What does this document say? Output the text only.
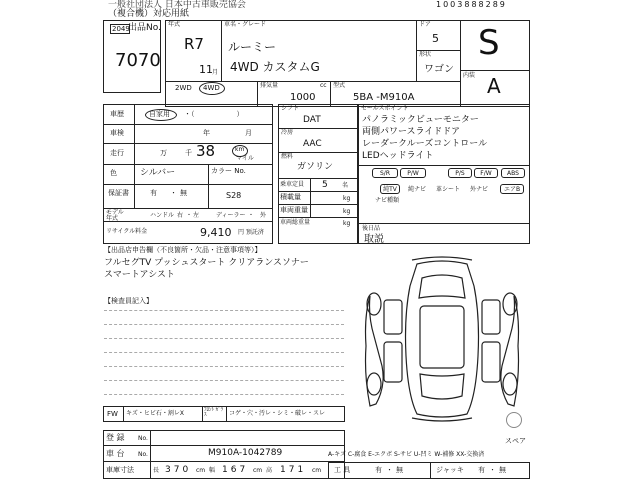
一般社団法人 日本中古車販売協会
（複合機）対応用紙
1003888289
出品No.
2049
7070
年式
R7
11 月
車名・グレード
ルーミー
4WD カスタムG
ドア
5
形状
ワゴン
2WD 4WD	排気量
1000
cc 型式
5BA -M910A
S
内装 A
車歴	自家用 ・（　　　　　　）
車検	年	月
走行	万	千 38	km
マイル
色	シルバー	カラー No.
保証書	有 ・ 無	S28
モデル年式	ハンドル 右 ・ 左	ディーラー ・　外
リサイクル料金	9,410 円 預託済
シフト
DAT
冷房
AAC
燃料
ガソリン
乗車定員 5 名
積載量	kg
車両重量	kg
車両総重量	kg
セールスポイント
パノラミックビューモニター
両側パワースライドドア
レーダークルーズコントロール
LEDヘッドライト
S/R	P/W	P/S	F/W	ABS
純TV	純ナビ	革シート	外ナビ	エアB
ナビ種類
後日品
取説
【出品店申告欄（不良箇所・欠品・注意事項等）】
フルセグTV プッシュスタート クリアランスソナー
スマートアシスト
【検査員記入】
スペア
FW キズ・ヒビ石・割レX	ﾌﾛﾝﾄ ｶﾞﾗｽ	コゲ・穴・汚レ・シミ・破レ・スレ
登 録 No.
車 台 No.	M910A-1042789
車庫寸法	長 370 cm 幅 167 cm 高 171 cm
A-キズ C-腐食 E-エクボ S-サビ U-凹ミ W-補修 XX-交換済
工 具	有 ・ 無	ジャッキ 有 ・ 無
